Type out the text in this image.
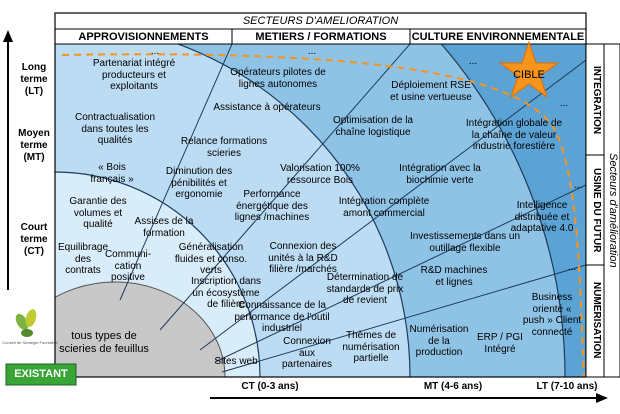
SECTEURS D'AMELIORATION
APPROVISIONNEMENTS	METIERS / FORMATIONS	CULTURE ENVIRONNEMENTALE
INTEGRATION
USINE DU FUTUR
NUMERISATION
Secteurs d'amélioration
Long
terme
(LT)
Moyen
terme
(MT)
Court
terme
(CT)
CT (0-3 ans)	MT (4-6 ans)	LT (7-10 ans)
Conseil de Stratégie Forestière
EXISTANT
CIBLE
...	...
...
...
...
...
Partenariat intégré producteurs et exploitants
Opérateurs pilotes de lignes autonomes	Déploiement RSE et usine vertueuse
Assistance à opérateurs
Contractualisation dans toutes les qualités
« Bois français »
Optimisation de la chaîne logistique
Intégration globale de la chaîne de valeur industrie forestière
Relance formations scieries
Diminution des pénibilités et ergonomie
Valorisation 100% ressource Bois
Intégration avec la biochimie verte
Performance énergétique des lignes /machines
Intégration complète amont commercial
Intelligence distribuée et adaptative 4.0
Garantie des volumes et qualité
Equilibrage des contrats
Assises de la formation
Communi- cation positive
Généralisation fluides et conso. verts
Connexion des unités à la R&D filière /marchés
Investissements dans un outillage flexible
Inscription dans un écosystème de filière
Détermination de standards de prix de revient
R&D machines et lignes
Connaissance de la performance de l'outil industriel
Business orienté « push » Client connecté
tous types de scieries de feuillus
Sites web
Connexion aux partenaires
Thèmes de numérisation partielle
Numérisation de la production
ERP / PGI Intégré
